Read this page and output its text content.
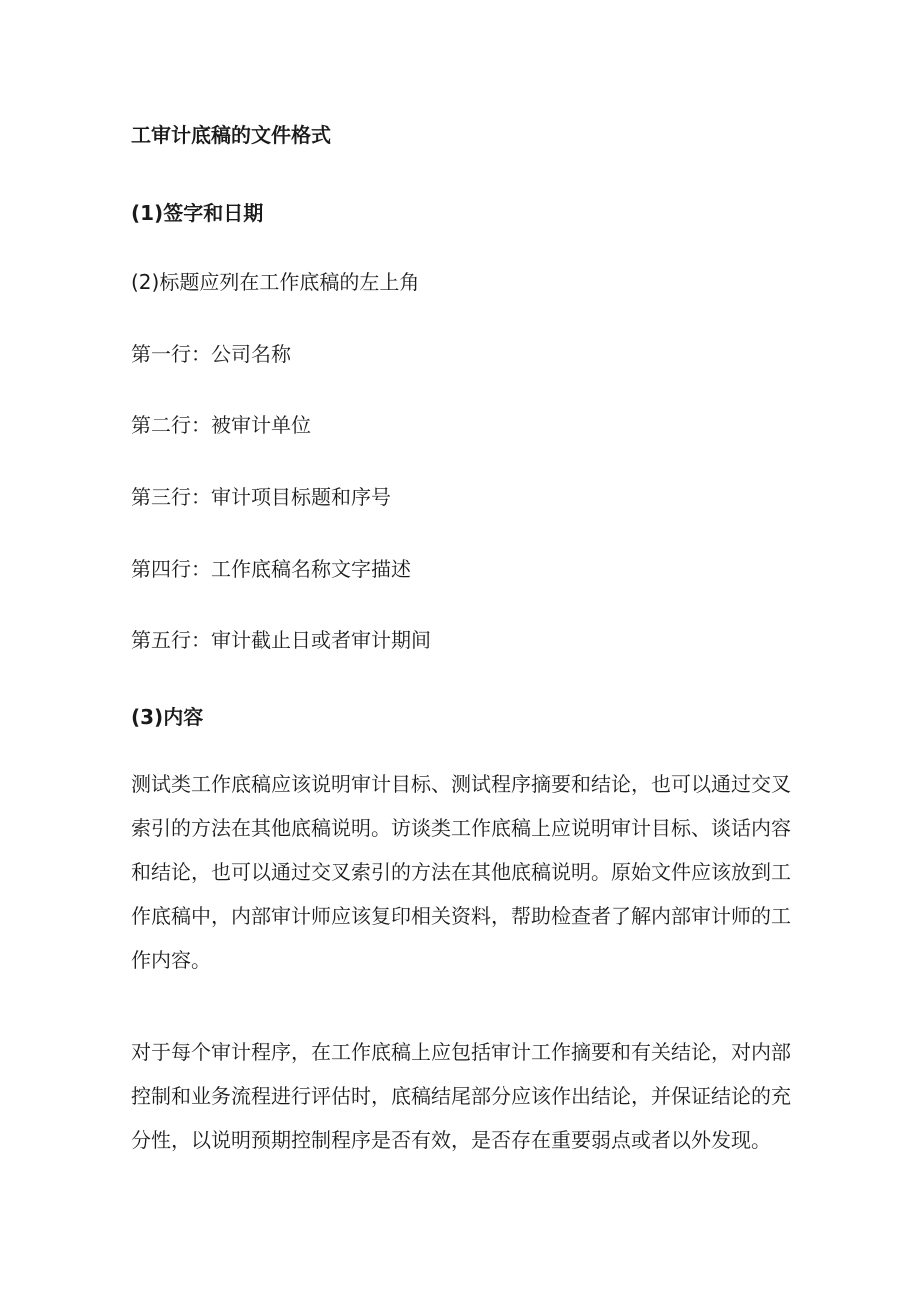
工审计底稿的文件格式

(1)签字和日期

(2)标题应列在工作底稿的左上角

第一行：公司名称

第二行：被审计单位

第三行：审计项目标题和序号

第四行：工作底稿名称文字描述

第五行：审计截止日或者审计期间

(3)内容

测试类工作底稿应该说明审计目标、测试程序摘要和结论，也可以通过交叉
索引的方法在其他底稿说明。访谈类工作底稿上应说明审计目标、谈话内容
和结论，也可以通过交叉索引的方法在其他底稿说明。原始文件应该放到工
作底稿中，内部审计师应该复印相关资料，帮助检查者了解内部审计师的工
作内容。
对于每个审计程序，在工作底稿上应包括审计工作摘要和有关结论，对内部
控制和业务流程进行评估时，底稿结尾部分应该作出结论，并保证结论的充
分性，以说明预期控制程序是否有效，是否存在重要弱点或者以外发现。
